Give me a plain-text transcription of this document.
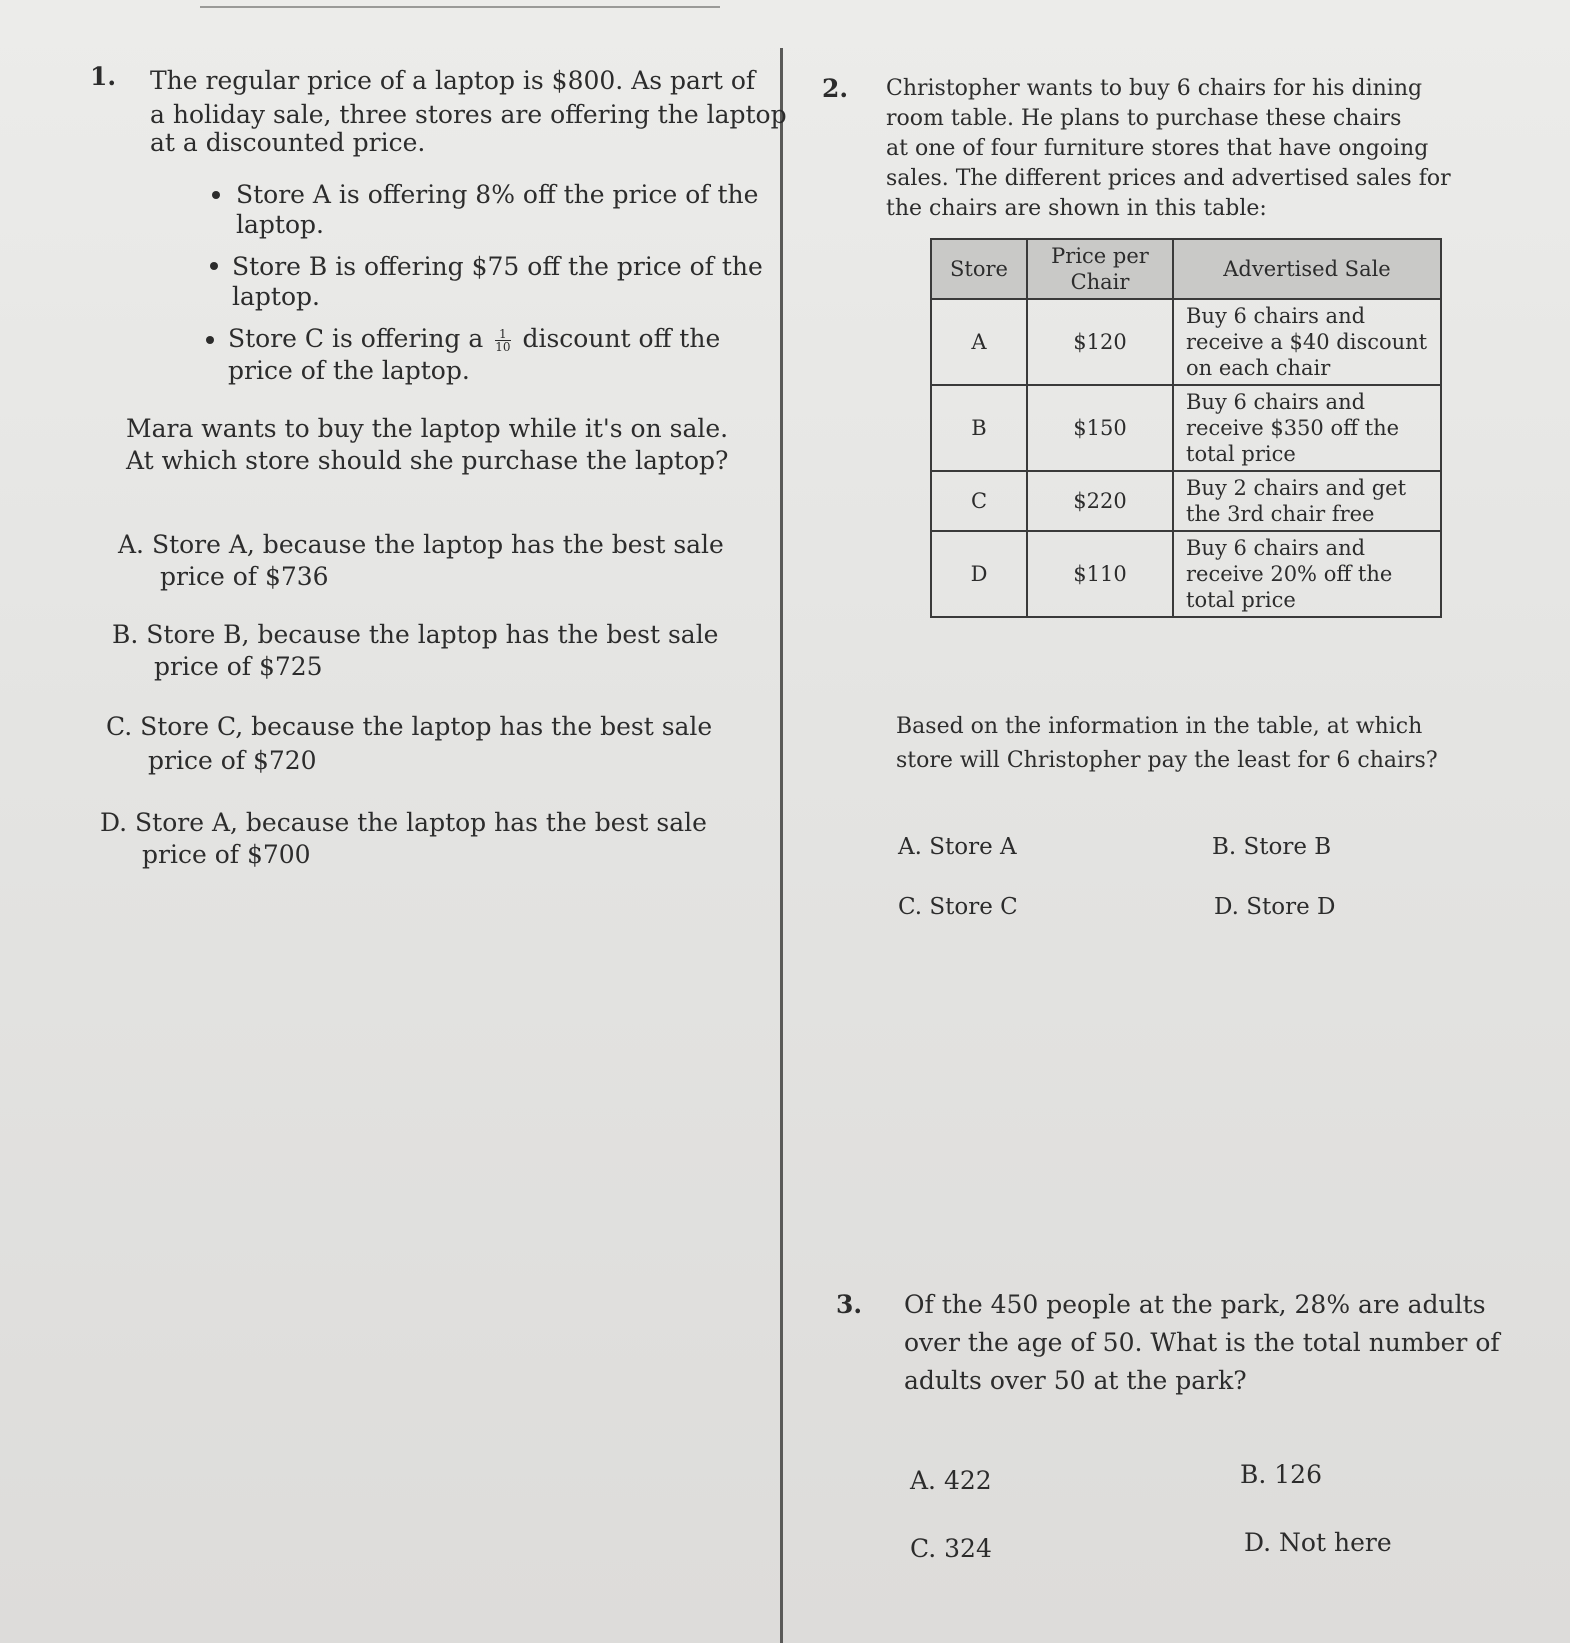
1. The regular price of a laptop is $800. As part of
a holiday sale, three stores are offering the laptop
at a discounted price.
Store A is offering 8% off the price of the
laptop.
Store B is offering $75 off the price of the
laptop.
Store C is offering a $\frac{1}{10}$ discount off the
price of the laptop.
Mara wants to buy the laptop while it's on sale.
At which store should she purchase the laptop?
A. Store A, because the laptop has the best sale
price of $736
B. Store B, because the laptop has the best sale
price of $725
C. Store C, because the laptop has the best sale
price of $720
D. Store A, because the laptop has the best sale
price of $700
2. Christopher wants to buy 6 chairs for his dining
room table. He plans to purchase these chairs
at one of four furniture stores that have ongoing
sales. The different prices and advertised sales for
the chairs are shown in this table:
Store	Price per Chair	Advertised Sale
A	$120	Buy 6 chairs and receive a $40 discount on each chair
B	$150	Buy 6 chairs and receive $350 off the total price
C	$220	Buy 2 chairs and get the 3rd chair free
D	$110	Buy 6 chairs and receive 20% off the total price
Based on the information in the table, at which
store will Christopher pay the least for 6 chairs?
A. Store A	B. Store B
C. Store C	D. Store D
3. Of the 450 people at the park, 28% are adults
over the age of 50. What is the total number of
adults over 50 at the park?
A. 422	B. 126
C. 324	D. Not here
